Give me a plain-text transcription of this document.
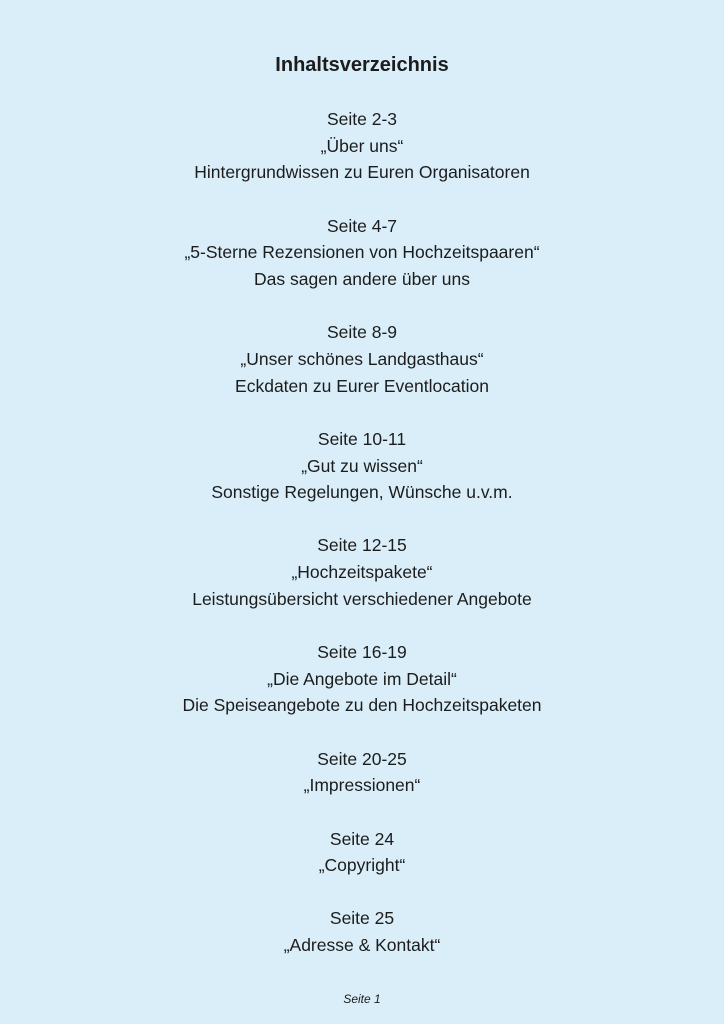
Inhaltsverzeichnis
Seite 2-3
„Über uns“
Hintergrundwissen zu Euren Organisatoren
Seite 4-7
„5-Sterne Rezensionen von Hochzeitspaaren“
Das sagen andere über uns
Seite 8-9
„Unser schönes Landgasthaus“
Eckdaten zu Eurer Eventlocation
Seite 10-11
„Gut zu wissen“
Sonstige Regelungen, Wünsche u.v.m.
Seite 12-15
„Hochzeitspakete“
Leistungsübersicht verschiedener Angebote
Seite 16-19
„Die Angebote im Detail“
Die Speiseangebote zu den Hochzeitspaketen
Seite 20-25
„Impressionen“
Seite 24
„Copyright“
Seite 25
„Adresse & Kontakt“
Seite 1
